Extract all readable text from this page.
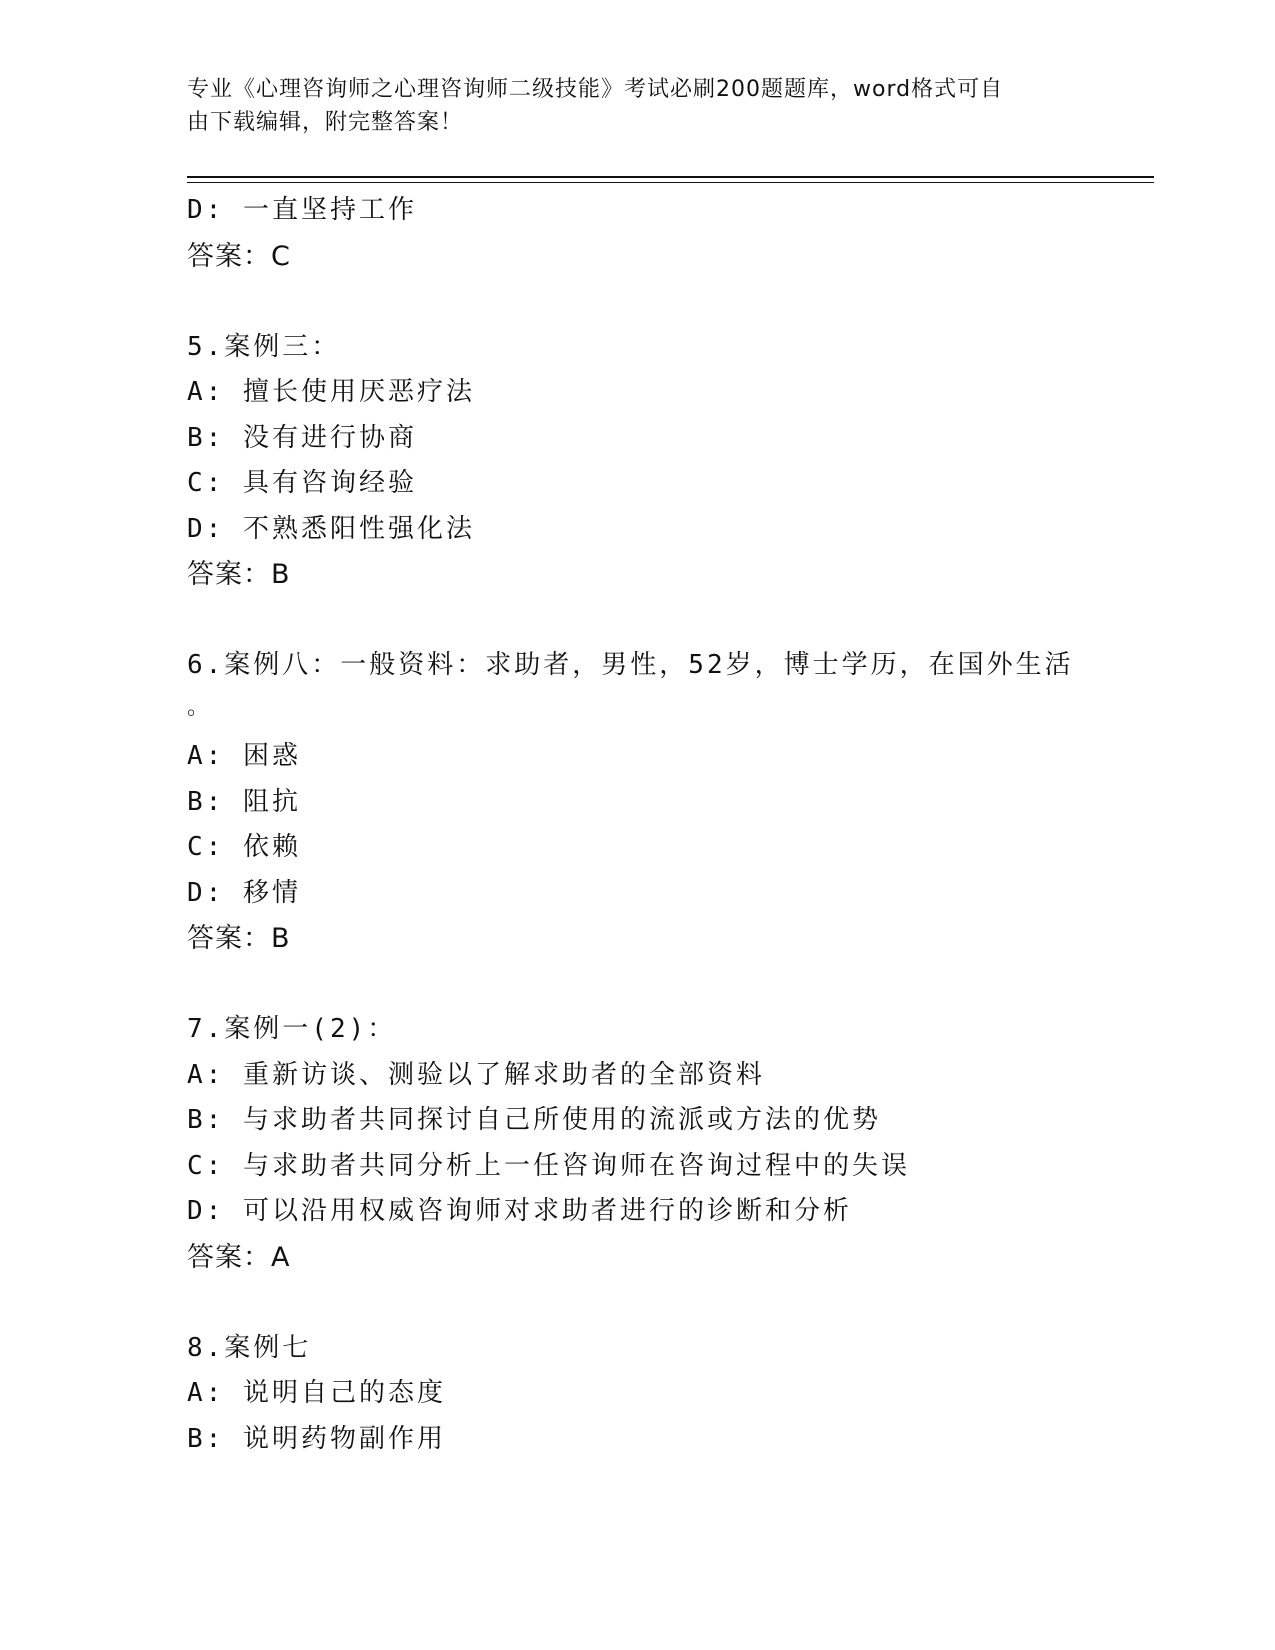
专业《心理咨询师之心理咨询师二级技能》考试必刷200题题库，word格式可自
由下载编辑，附完整答案！
D: 一直坚持工作
答案：C
5.案例三：
A: 擅长使用厌恶疗法
B: 没有进行协商
C: 具有咨询经验
D: 不熟悉阳性强化法
答案：B
6.案例八：一般资料：求助者，男性，52岁，博士学历，在国外生活
。
A: 困惑
B: 阻抗
C: 依赖
D: 移情
答案：B
7.案例一(2)：
A: 重新访谈、测验以了解求助者的全部资料
B: 与求助者共同探讨自己所使用的流派或方法的优势
C: 与求助者共同分析上一任咨询师在咨询过程中的失误
D: 可以沿用权威咨询师对求助者进行的诊断和分析
答案：A
8.案例七
A: 说明自己的态度
B: 说明药物副作用
